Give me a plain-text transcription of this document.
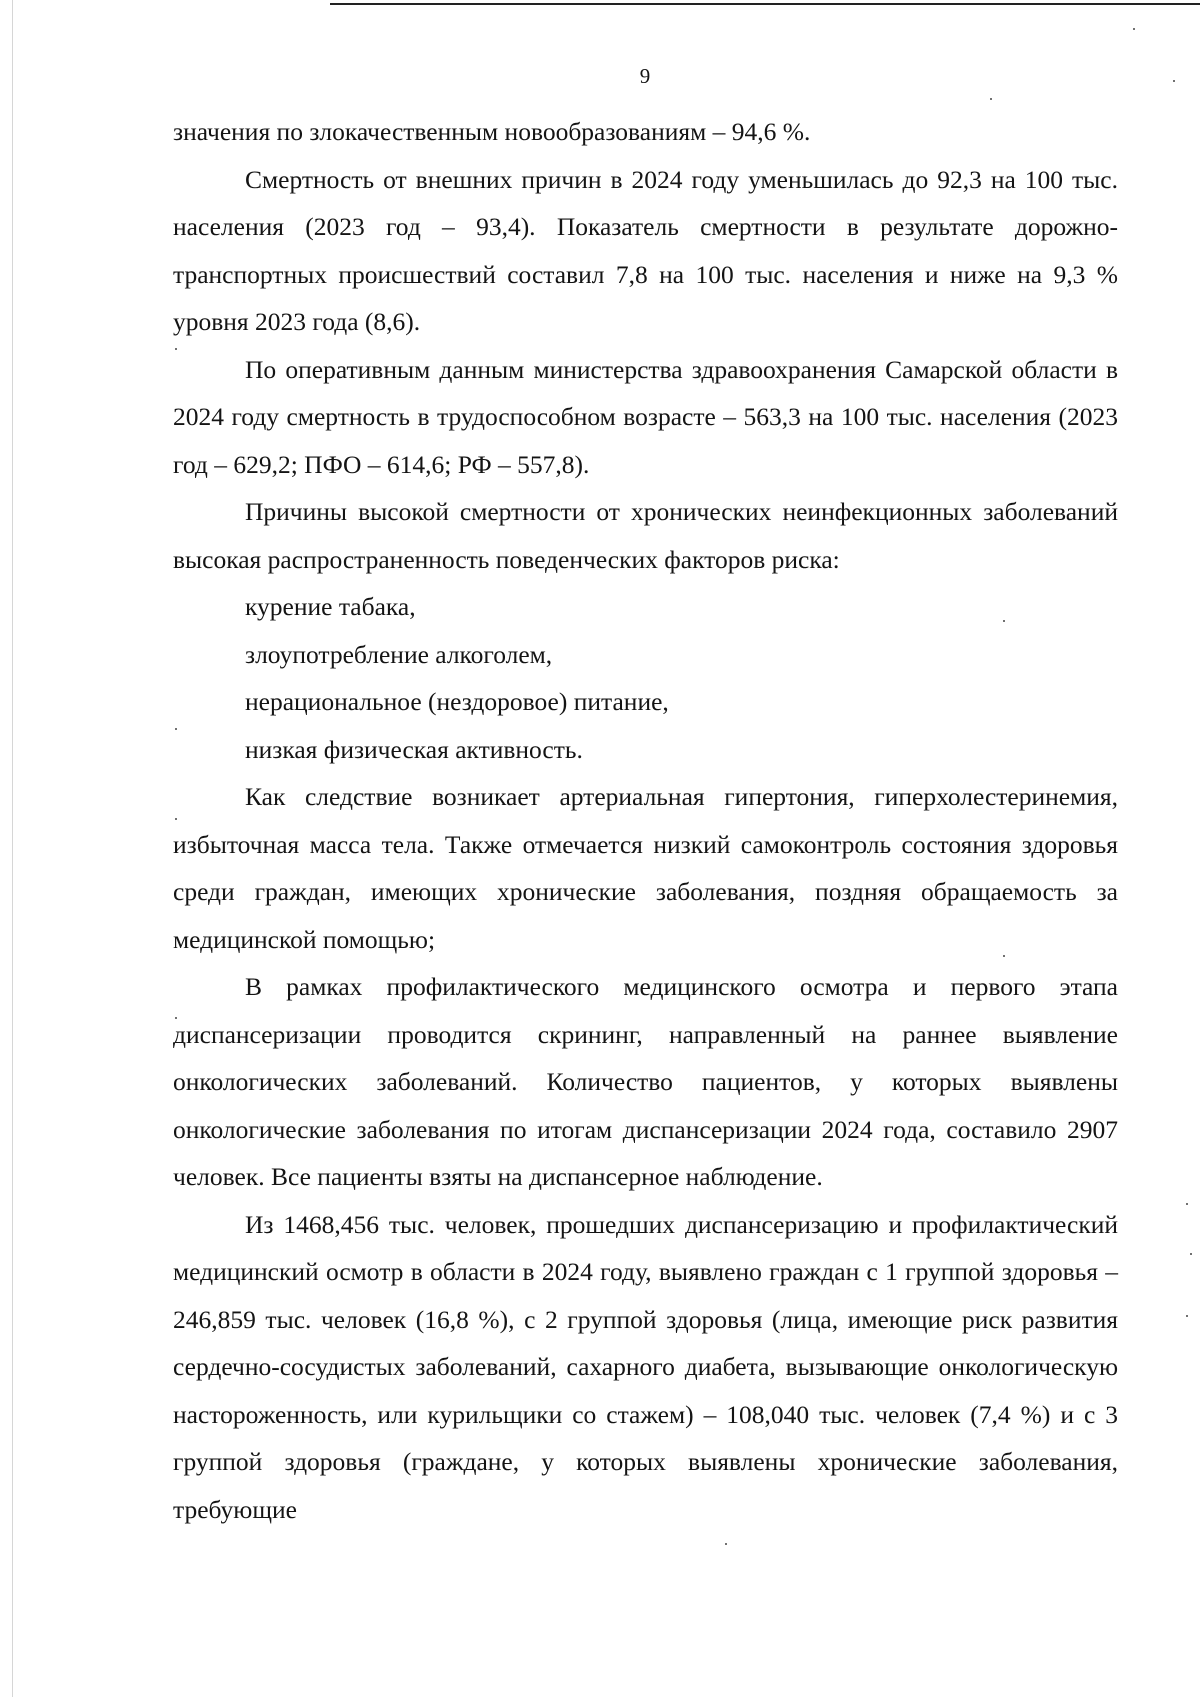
9

значения по злокачественным новообразованиям – 94,6 %.

Смертность от внешних причин в 2024 году уменьшилась до 92,3 на 100 тыс. населения (2023 год – 93,4). Показатель смертности в результате дорожно-транспортных происшествий составил 7,8 на 100 тыс. населения и ниже на 9,3 % уровня 2023 года (8,6).

По оперативным данным министерства здравоохранения Самарской области в 2024 году смертность в трудоспособном возрасте – 563,3 на 100 тыс. населения (2023 год – 629,2; ПФО – 614,6; РФ – 557,8).

Причины высокой смертности от хронических неинфекционных заболеваний высокая распространенность поведенческих факторов риска:

курение табака,

злоупотребление алкоголем,

нерациональное (нездоровое) питание,

низкая физическая активность.

Как следствие возникает артериальная гипертония, гиперхолестеринемия, избыточная масса тела. Также отмечается низкий самоконтроль состояния здоровья среди граждан, имеющих хронические заболевания, поздняя обращаемость за медицинской помощью;

В рамках профилактического медицинского осмотра и первого этапа диспансеризации проводится скрининг, направленный на раннее выявление онкологических заболеваний. Количество пациентов, у которых выявлены онкологические заболевания по итогам диспансеризации 2024 года, составило 2907 человек. Все пациенты взяты на диспансерное наблюдение.

Из 1468,456 тыс. человек, прошедших диспансеризацию и профилактический медицинский осмотр в области в 2024 году, выявлено граждан с 1 группой здоровья – 246,859 тыс. человек (16,8 %), с 2 группой здоровья (лица, имеющие риск развития сердечно-сосудистых заболеваний, сахарного диабета, вызывающие онкологическую настороженность, или курильщики со стажем) – 108,040 тыс. человек (7,4 %) и с 3 группой здоровья (граждане, у которых выявлены хронические заболевания, требующие
